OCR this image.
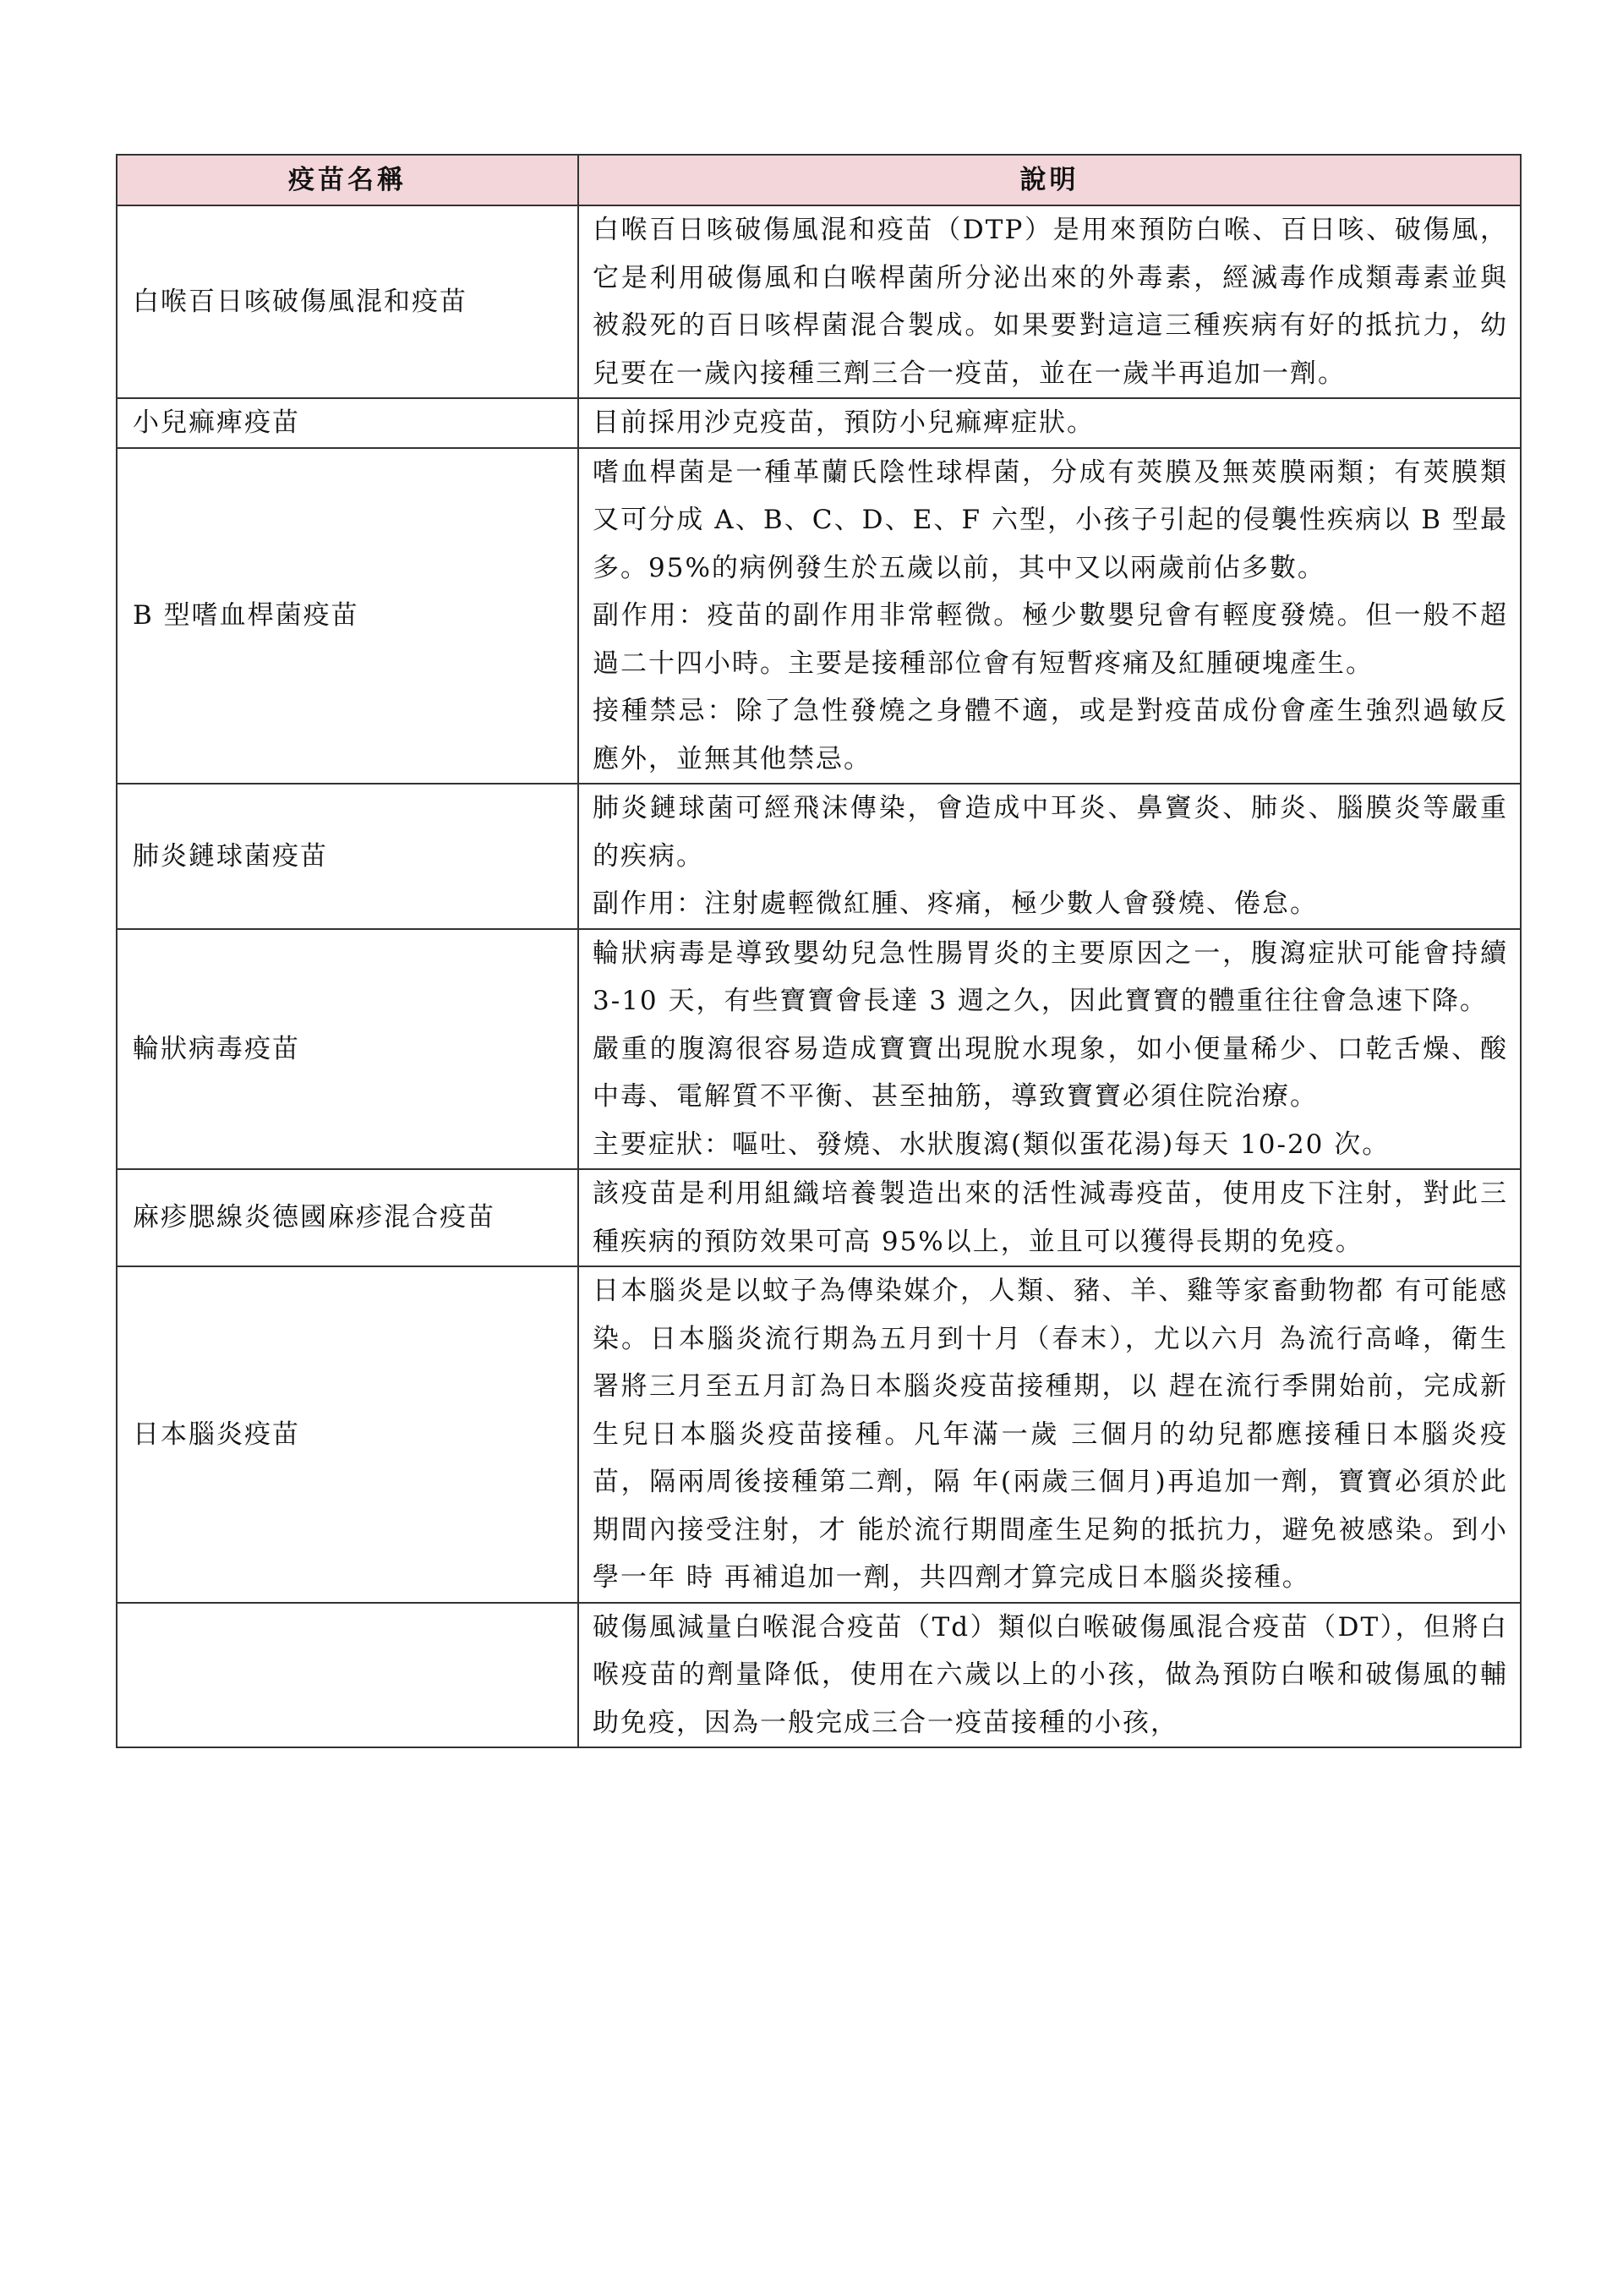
疫苗名稱	說明
白喉百日咳破傷風混和疫苗	白喉百日咳破傷風混和疫苗（DTP）是用來預防白喉、百日咳、破傷風，它是利用破傷風和白喉桿菌所分泌出來的外毒素，經滅毒作成類毒素並與被殺死的百日咳桿菌混合製成。如果要對這這三種疾病有好的抵抗力，幼兒要在一歲內接種三劑三合一疫苗，並在一歲半再追加一劑。

小兒痲痺疫苗	目前採用沙克疫苗，預防小兒痲痺症狀。

B 型嗜血桿菌疫苗	嗜血桿菌是一種革蘭氏陰性球桿菌，分成有莢膜及無莢膜兩類；有莢膜類又可分成 A、B、C、D、E、F 六型，小孩子引起的侵襲性疾病以 B 型最多。95%的病例發生於五歲以前，其中又以兩歲前佔多數。

副作用：疫苗的副作用非常輕微。極少數嬰兒會有輕度發燒。但一般不超過二十四小時。主要是接種部位會有短暫疼痛及紅腫硬塊產生。

接種禁忌：除了急性發燒之身體不適，或是對疫苗成份會產生強烈過敏反應外，並無其他禁忌。

肺炎鏈球菌疫苗	肺炎鏈球菌可經飛沫傳染，會造成中耳炎、鼻竇炎、肺炎、腦膜炎等嚴重的疾病。

副作用：注射處輕微紅腫、疼痛，極少數人會發燒、倦怠。

輪狀病毒疫苗	輪狀病毒是導致嬰幼兒急性腸胃炎的主要原因之一，腹瀉症狀可能會持續 3-10 天，有些寶寶會長達 3 週之久，因此寶寶的體重往往會急速下降。

嚴重的腹瀉很容易造成寶寶出現脫水現象，如小便量稀少、口乾舌燥、酸中毒、電解質不平衡、甚至抽筋，導致寶寶必須住院治療。

主要症狀：嘔吐、發燒、水狀腹瀉(類似蛋花湯)每天 10-20 次。

麻疹腮線炎德國麻疹混合疫苗	該疫苗是利用組織培養製造出來的活性減毒疫苗，使用皮下注射，對此三種疾病的預防效果可高 95%以上，並且可以獲得長期的免疫。

日本腦炎疫苗	日本腦炎是以蚊子為傳染媒介，人類、豬、羊、雞等家畜動物都 有可能感染。日本腦炎流行期為五月到十月（春末），尤以六月 為流行高峰，衛生署將三月至五月訂為日本腦炎疫苗接種期，以 趕在流行季開始前，完成新生兒日本腦炎疫苗接種。凡年滿一歲 三個月的幼兒都應接種日本腦炎疫苗，隔兩周後接種第二劑，隔 年(兩歲三個月)再追加一劑，寶寶必須於此期間內接受注射，才 能於流行期間產生足夠的抵抗力，避免被感染。到小學一年 時 再補追加一劑，共四劑才算完成日本腦炎接種。

	破傷風減量白喉混合疫苗（Td）類似白喉破傷風混合疫苗（DT），但將白喉疫苗的劑量降低，使用在六歲以上的小孩，做為預防白喉和破傷風的輔助免疫，因為一般完成三合一疫苗接種的小孩，
